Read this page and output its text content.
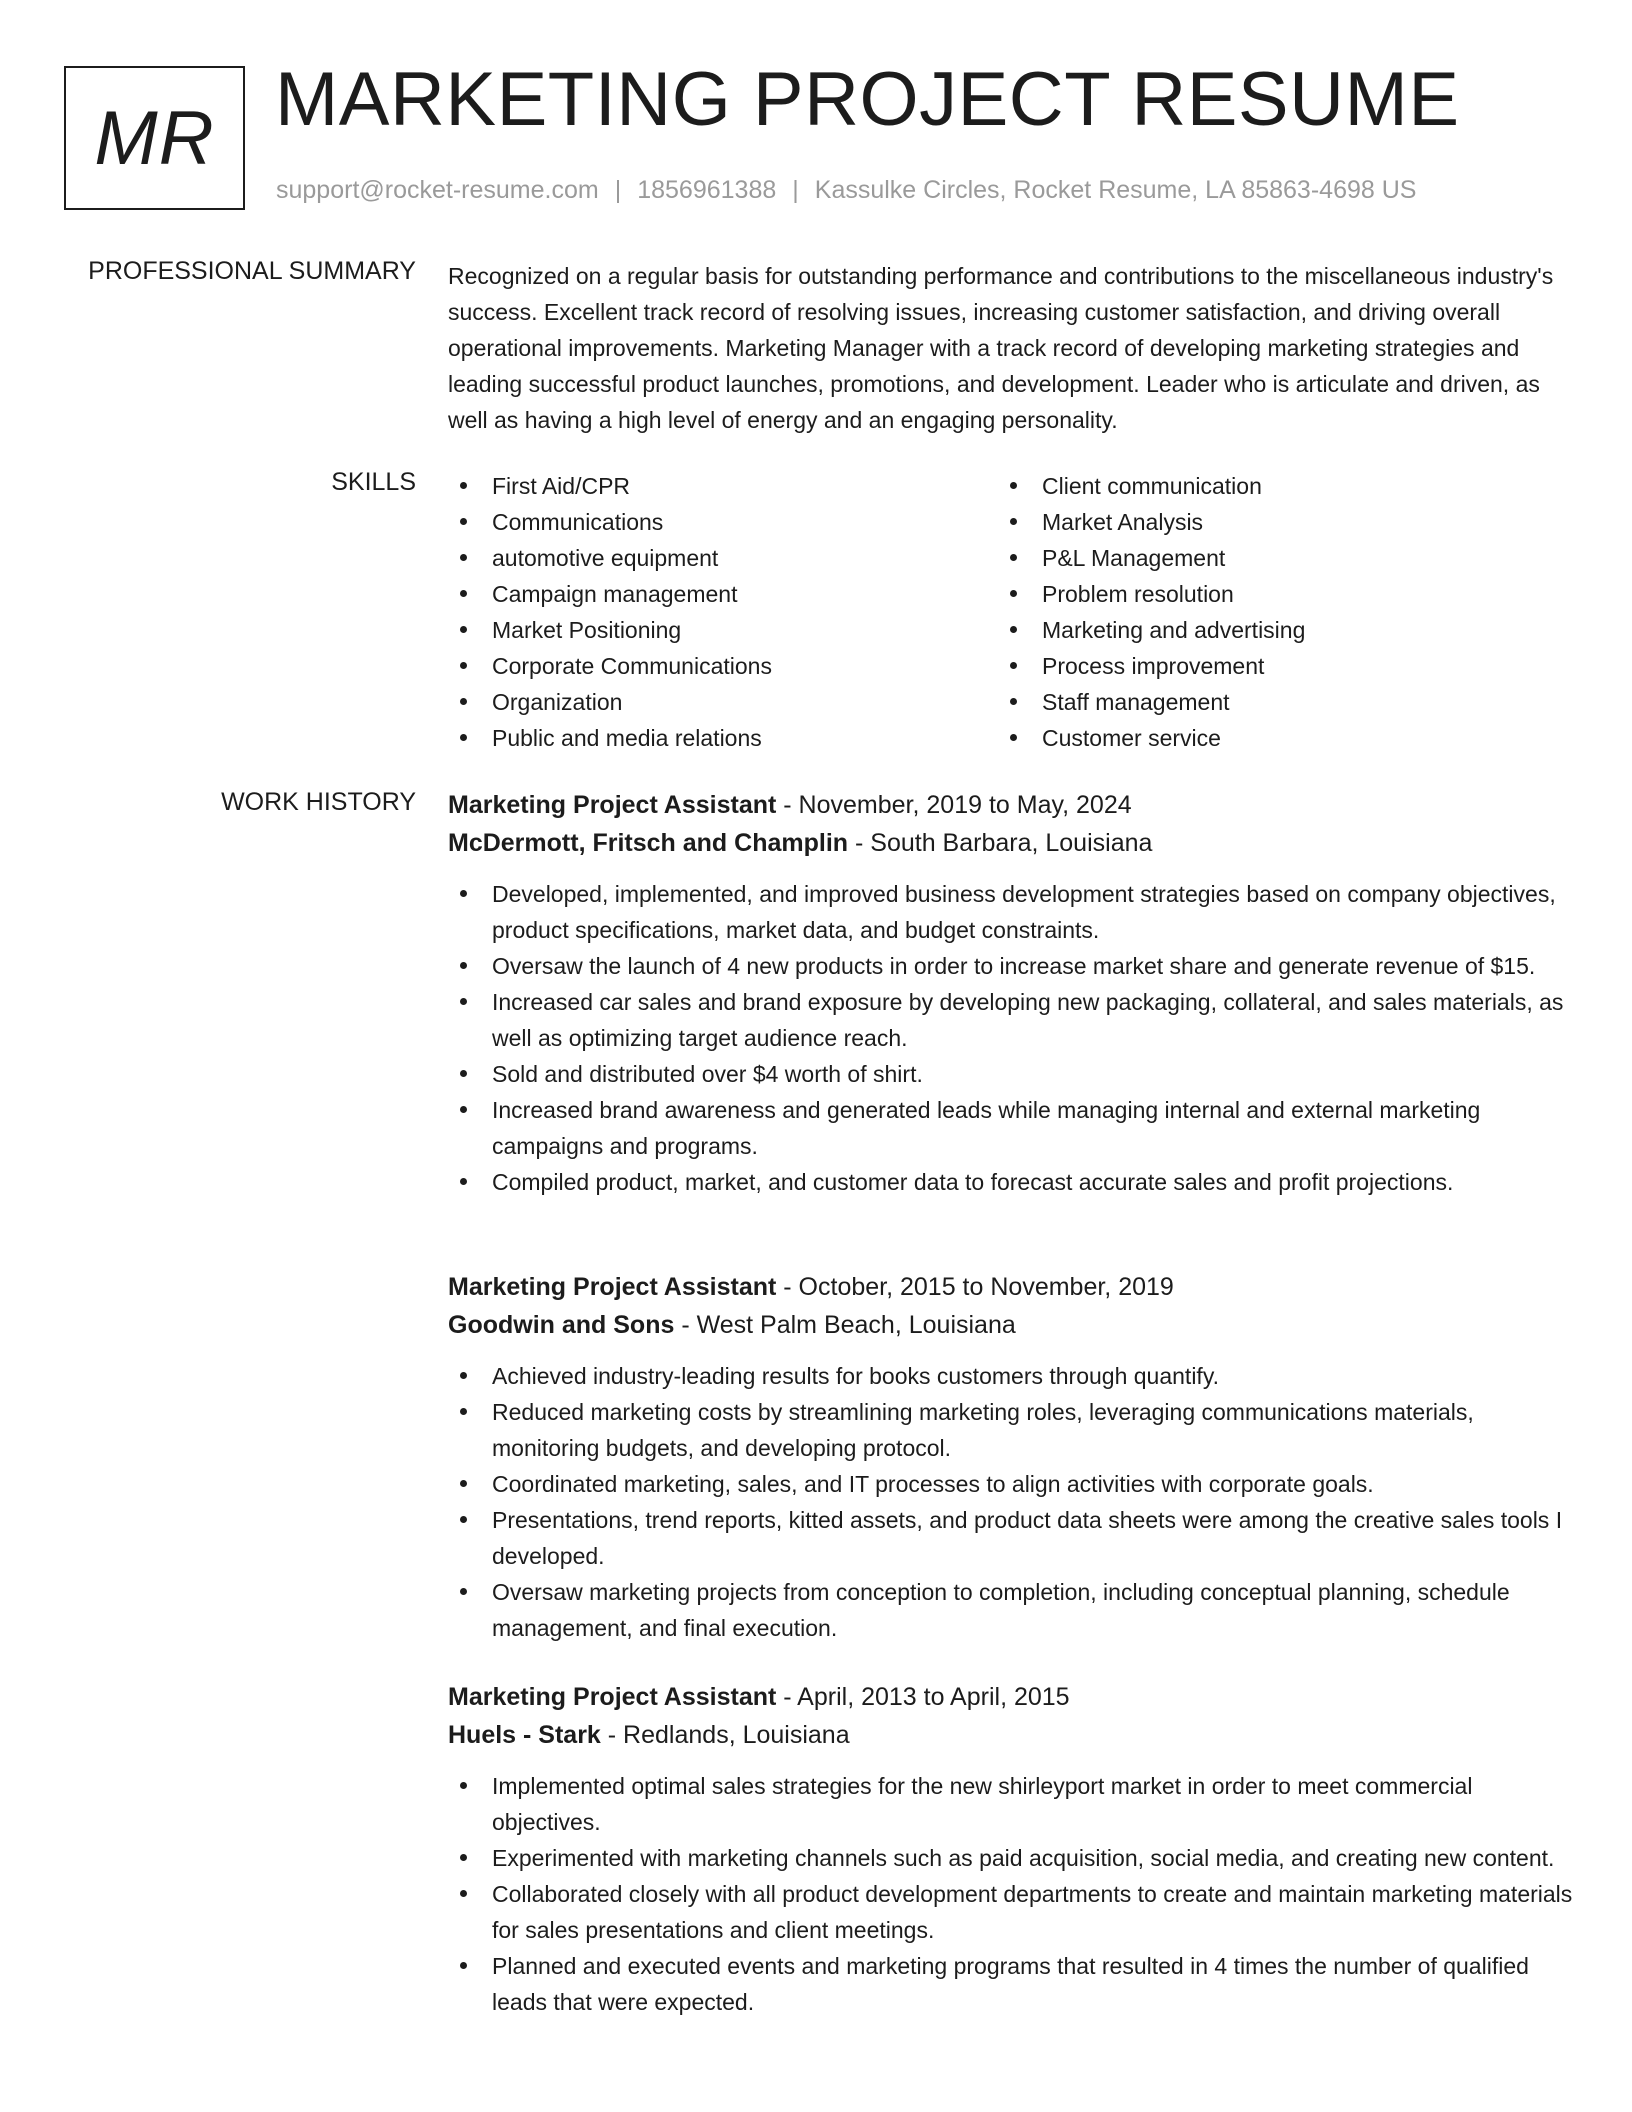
MR MARKETING PROJECT RESUME
support@rocket-resume.com | 1856961388 | Kassulke Circles, Rocket Resume, LA 85863-4698 US
PROFESSIONAL SUMMARY Recognized on a regular basis for outstanding performance and contributions to the miscellaneous industry's success. Excellent track record of resolving issues, increasing customer satisfaction, and driving overall operational improvements. Marketing Manager with a track record of developing marketing strategies and leading successful product launches, promotions, and development. Leader who is articulate and driven, as well as having a high level of energy and an engaging personality.
SKILLS	First Aid/CPR
Communications
automotive equipment
Campaign management
Market Positioning
Corporate Communications
Organization
Public and media relations
Client communication
Market Analysis
P&L Management
Problem resolution
Marketing and advertising
Process improvement
Staff management
Customer service
WORK HISTORY Marketing Project Assistant - November, 2019 to May, 2024
McDermott, Fritsch and Champlin - South Barbara, Louisiana
Developed, implemented, and improved business development strategies based on company objectives, product specifications, market data, and budget constraints.
Oversaw the launch of 4 new products in order to increase market share and generate revenue of $15.
Increased car sales and brand exposure by developing new packaging, collateral, and sales materials, as well as optimizing target audience reach.
Sold and distributed over $4 worth of shirt.
Increased brand awareness and generated leads while managing internal and external marketing campaigns and programs.
Compiled product, market, and customer data to forecast accurate sales and profit projections.
Marketing Project Assistant - October, 2015 to November, 2019
Goodwin and Sons - West Palm Beach, Louisiana
Achieved industry-leading results for books customers through quantify.
Reduced marketing costs by streamlining marketing roles, leveraging communications materials, monitoring budgets, and developing protocol.
Coordinated marketing, sales, and IT processes to align activities with corporate goals.
Presentations, trend reports, kitted assets, and product data sheets were among the creative sales tools I developed.
Oversaw marketing projects from conception to completion, including conceptual planning, schedule management, and final execution.
Marketing Project Assistant - April, 2013 to April, 2015
Huels - Stark - Redlands, Louisiana
Implemented optimal sales strategies for the new shirleyport market in order to meet commercial objectives.
Experimented with marketing channels such as paid acquisition, social media, and creating new content.
Collaborated closely with all product development departments to create and maintain marketing materials for sales presentations and client meetings.
Planned and executed events and marketing programs that resulted in 4 times the number of qualified leads that were expected.
